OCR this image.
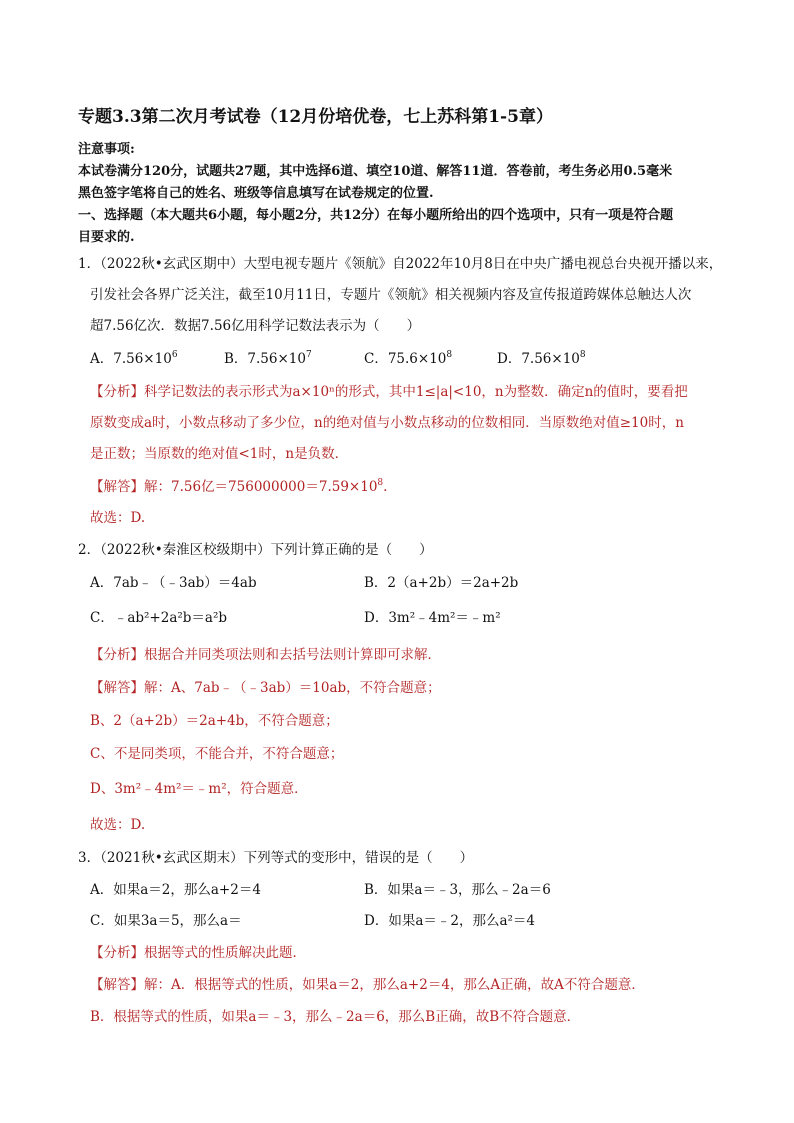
专题3.3第二次月考试卷（12月份培优卷，七上苏科第1-5章）
注意事项:
本试卷满分120分，试题共27题，其中选择6道、填空10道、解答11道．答卷前，考生务必用0.5毫米
黑色签字笔将自己的姓名、班级等信息填写在试卷规定的位置.
一、选择题（本大题共6小题，每小题2分，共12分）在每小题所给出的四个选项中，只有一项是符合题
目要求的.
1．（2022秋•玄武区期中）大型电视专题片《领航》自2022年10月8日在中央广播电视总台央视开播以来，
引发社会各界广泛关注，截至10月11日，专题片《领航》相关视频内容及宣传报道跨媒体总触达人次
超7.56亿次．数据7.56亿用科学记数法表示为（　　）
A．$7.56\times 10^6$	B．$7.56\times 10^7$	C．$75.6\times 10^8$	D．$7.56\times 10^8$
【分析】科学记数法的表示形式为a×10ⁿ的形式，其中1≤|a|<10，n为整数．确定n的值时，要看把
原数变成a时，小数点移动了多少位，n的绝对值与小数点移动的位数相同．当原数绝对值≥10时，n
是正数；当原数的绝对值<1时，n是负数．
【解答】解：7.56亿$=756000000=7.59\times 10^8$.
故选：D.
2．（2022秋•秦淮区校级期中）下列计算正确的是（　　）
A．7ab﹣（﹣3ab）＝4ab	B．2（a+2b）＝2a+2b
C．﹣ab²+2a²b＝a²b	D．3m²﹣4m²＝﹣m²
【分析】根据合并同类项法则和去括号法则计算即可求解．
【解答】解：A、7ab﹣（﹣3ab）＝10ab，不符合题意；
B、2（a+2b）＝2a+4b，不符合题意；
C、不是同类项，不能合并，不符合题意；
D、3m²﹣4m²＝﹣m²，符合题意．
故选：D.
3．（2021秋•玄武区期末）下列等式的变形中，错误的是（　　）
A．如果a＝2，那么a+2＝4	B．如果a＝﹣3，那么﹣2a＝6
C．如果3a＝5，那么a＝	D．如果a＝﹣2，那么a²＝4
【分析】根据等式的性质解决此题．
【解答】解：A．根据等式的性质，如果a＝2，那么a+2＝4，那么A正确，故A不符合题意．
B．根据等式的性质，如果a＝﹣3，那么﹣2a＝6，那么B正确，故B不符合题意．
